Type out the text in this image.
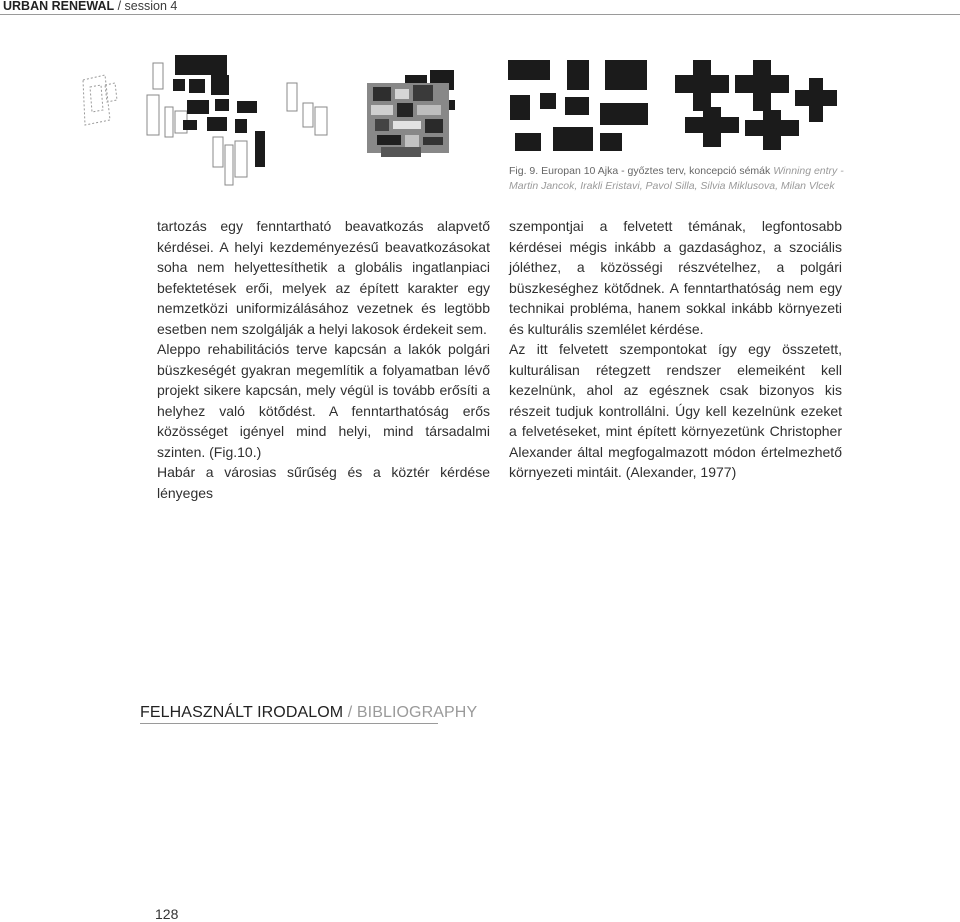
URBAN RENEWAL / session 4
Fig. 9. Europan 10 Ajka - győztes terv, koncepció sémák Winning entry - Martin Jancok, Irakli Eristavi, Pavol Silla, Silvia Miklusova, Milan Vlcek

tartozás egy fenntartható beavatkozás alapvető kérdései. A helyi kezdeményezésű beavatkozásokat soha nem helyettesíthetik a globális ingatlanpiaci befektetések erői, melyek az épített karakter egy nemzetközi uniformizálásához vezetnek és legtöbb esetben nem szolgálják a helyi lakosok érdekeit sem.

Aleppo rehabilitációs terve kapcsán a lakók polgári büszkeségét gyakran megemlítik a folyamatban lévő projekt sikere kapcsán, mely végül is tovább erősíti a helyhez való kötődést. A fenntarthatóság erős közösséget igényel mind helyi, mind társadalmi szinten. (Fig.10.)

Habár a városias sűrűség és a köztér kérdése lényeges

szempontjai a felvetett témának, legfontosabb kérdései mégis inkább a gazdasághoz, a szociális jóléthez, a közösségi részvételhez, a polgári büszkeséghez kötődnek. A fenntarthatóság nem egy technikai probléma, hanem sokkal inkább környezeti és kulturális szemlélet kérdése.

Az itt felvetett szempontokat így egy összetett, kulturálisan rétegzett rendszer elemeiként kell kezelnünk, ahol az egésznek csak bizonyos kis részeit tudjuk kontrollálni. Úgy kell kezelnünk ezeket a felvetéseket, mint épített környezetünk Christopher Alexander által megfogalmazott módon értelmezhető környezeti mintáit. (Alexander, 1977)

FELHASZNÁLT IRODALOM / BIBLIOGRAPHY
128
